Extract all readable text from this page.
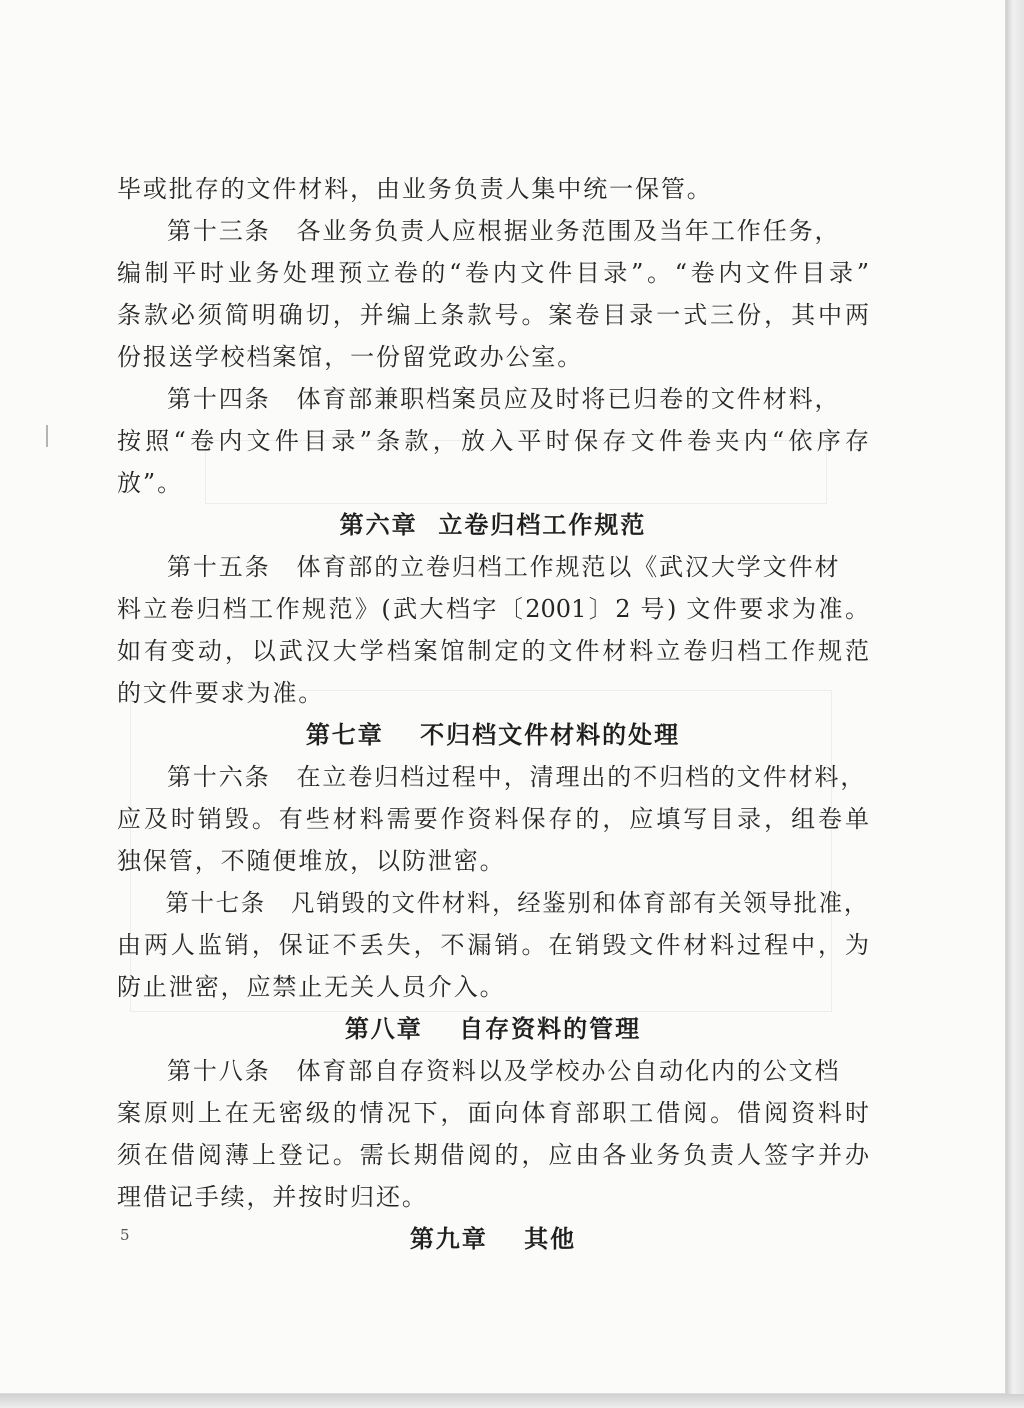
毕或批存的文件材料，由业务负责人集中统一保管。
第十三条　各业务负责人应根据业务范围及当年工作任务，
编制平时业务处理预立卷的“卷内文件目录”。“卷内文件目录”
条款必须简明确切，并编上条款号。案卷目录一式三份，其中两
份报送学校档案馆，一份留党政办公室。
第十四条　体育部兼职档案员应及时将已归卷的文件材料，
按照“卷内文件目录”条款，放入平时保存文件卷夹内“依序存
放”。
第六章  立卷归档工作规范
第十五条　体育部的立卷归档工作规范以《武汉大学文件材
料立卷归档工作规范》(武大档字〔2001〕2 号) 文件要求为准。
如有变动，以武汉大学档案馆制定的文件材料立卷归档工作规范
的文件要求为准。
第七章　 不归档文件材料的处理
第十六条　在立卷归档过程中，清理出的不归档的文件材料，
应及时销毁。有些材料需要作资料保存的，应填写目录，组卷单
独保管，不随便堆放，以防泄密。
第十七条　凡销毁的文件材料，经鉴别和体育部有关领导批准，
由两人监销，保证不丢失，不漏销。在销毁文件材料过程中，为
防止泄密，应禁止无关人员介入。
第八章　 自存资料的管理
第十八条　体育部自存资料以及学校办公自动化内的公文档
案原则上在无密级的情况下，面向体育部职工借阅。借阅资料时
须在借阅薄上登记。需长期借阅的，应由各业务负责人签字并办
理借记手续，并按时归还。
第九章　 其他
5
